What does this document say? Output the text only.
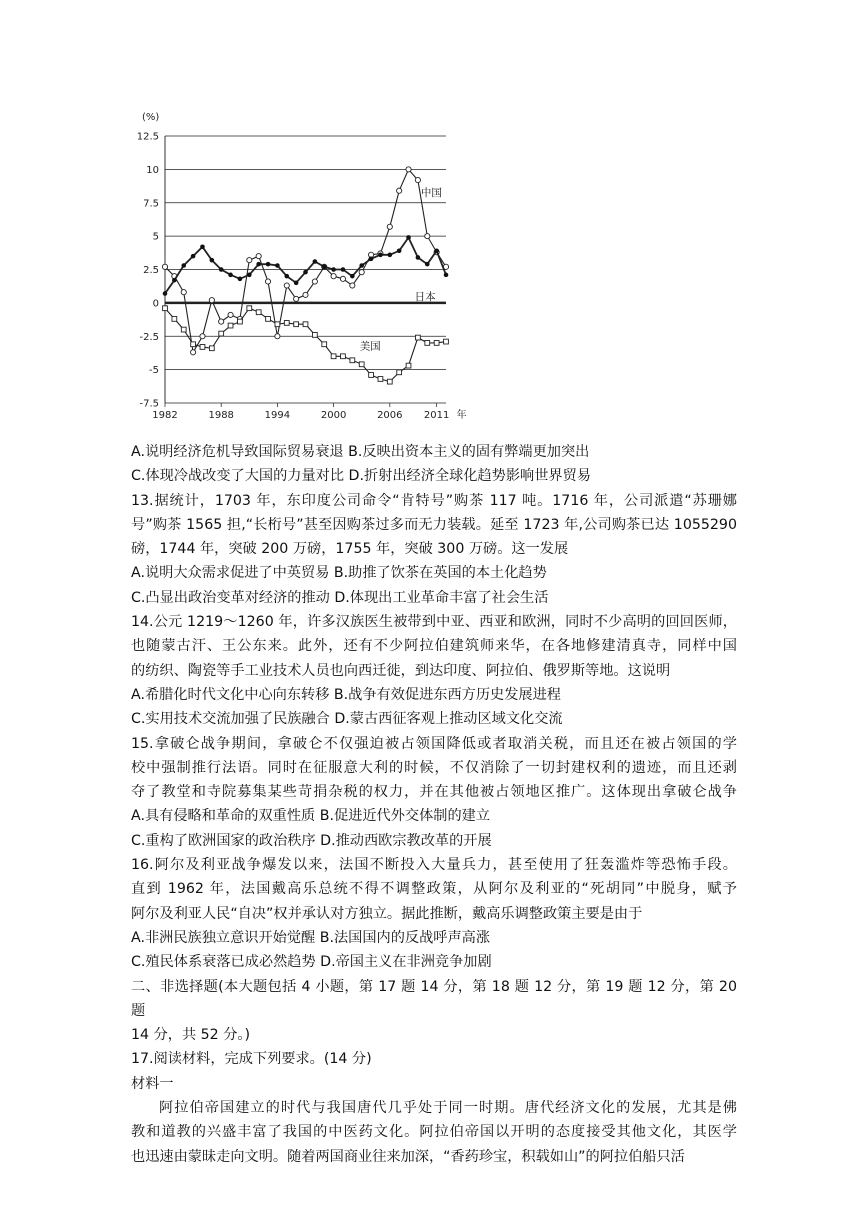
(%)
12.5
10
7.5
5
2.5
0
-2.5
-5
-7.5
1982	1988	1994	2000	2006 2011 年
中国
日本
美国
A.说明经济危机导致国际贸易衰退 B.反映出资本主义的固有弊端更加突出
C.体现冷战改变了大国的力量对比 D.折射出经济全球化趋势影响世界贸易
13.据统计，1703 年，东印度公司命令“肯特号”购茶 117 吨。1716 年，公司派遣“苏珊娜
号”购茶 1565 担,“长桁号”甚至因购茶过多而无力装载。延至 1723 年,公司购茶已达 1055290
磅，1744 年，突破 200 万磅，1755 年，突破 300 万磅。这一发展
A.说明大众需求促进了中英贸易 B.助推了饮茶在英国的本土化趋势
C.凸显出政治变革对经济的推动 D.体现出工业革命丰富了社会生活
14.公元 1219～1260 年，许多汉族医生被带到中亚、西亚和欧洲，同时不少高明的回回医师，
也随蒙古汗、王公东来。此外，还有不少阿拉伯建筑师来华，在各地修建清真寺，同样中国
的纺织、陶瓷等手工业技术人员也向西迁徙，到达印度、阿拉伯、俄罗斯等地。这说明
A.希腊化时代文化中心向东转移 B.战争有效促进东西方历史发展进程
C.实用技术交流加强了民族融合 D.蒙古西征客观上推动区域文化交流
15.拿破仑战争期间，拿破仑不仅强迫被占领国降低或者取消关税，而且还在被占领国的学
校中强制推行法语。同时在征服意大利的时候，不仅消除了一切封建权利的遗迹，而且还剥
夺了教堂和寺院募集某些苛捐杂税的权力，并在其他被占领地区推广。这体现出拿破仑战争
A.具有侵略和革命的双重性质 B.促进近代外交体制的建立
C.重构了欧洲国家的政治秩序 D.推动西欧宗教改革的开展
16.阿尔及利亚战争爆发以来，法国不断投入大量兵力，甚至使用了狂轰滥炸等恐怖手段。
直到 1962 年，法国戴高乐总统不得不调整政策，从阿尔及利亚的“死胡同”中脱身，赋予
阿尔及利亚人民“自决”权并承认对方独立。据此推断，戴高乐调整政策主要是由于
A.非洲民族独立意识开始觉醒 B.法国国内的反战呼声高涨
C.殖民体系衰落已成必然趋势 D.帝国主义在非洲竞争加剧
二、非选择题(本大题包括 4 小题，第 17 题 14 分，第 18 题 12 分，第 19 题 12 分，第 20 题
14 分，共 52 分。)
17.阅读材料，完成下列要求。(14 分)
材料一
阿拉伯帝国建立的时代与我国唐代几乎处于同一时期。唐代经济文化的发展，尤其是佛
教和道教的兴盛丰富了我国的中医药文化。阿拉伯帝国以开明的态度接受其他文化，其医学
也迅速由蒙昧走向文明。随着两国商业往来加深，“香药珍宝，积载如山”的阿拉伯船只活
